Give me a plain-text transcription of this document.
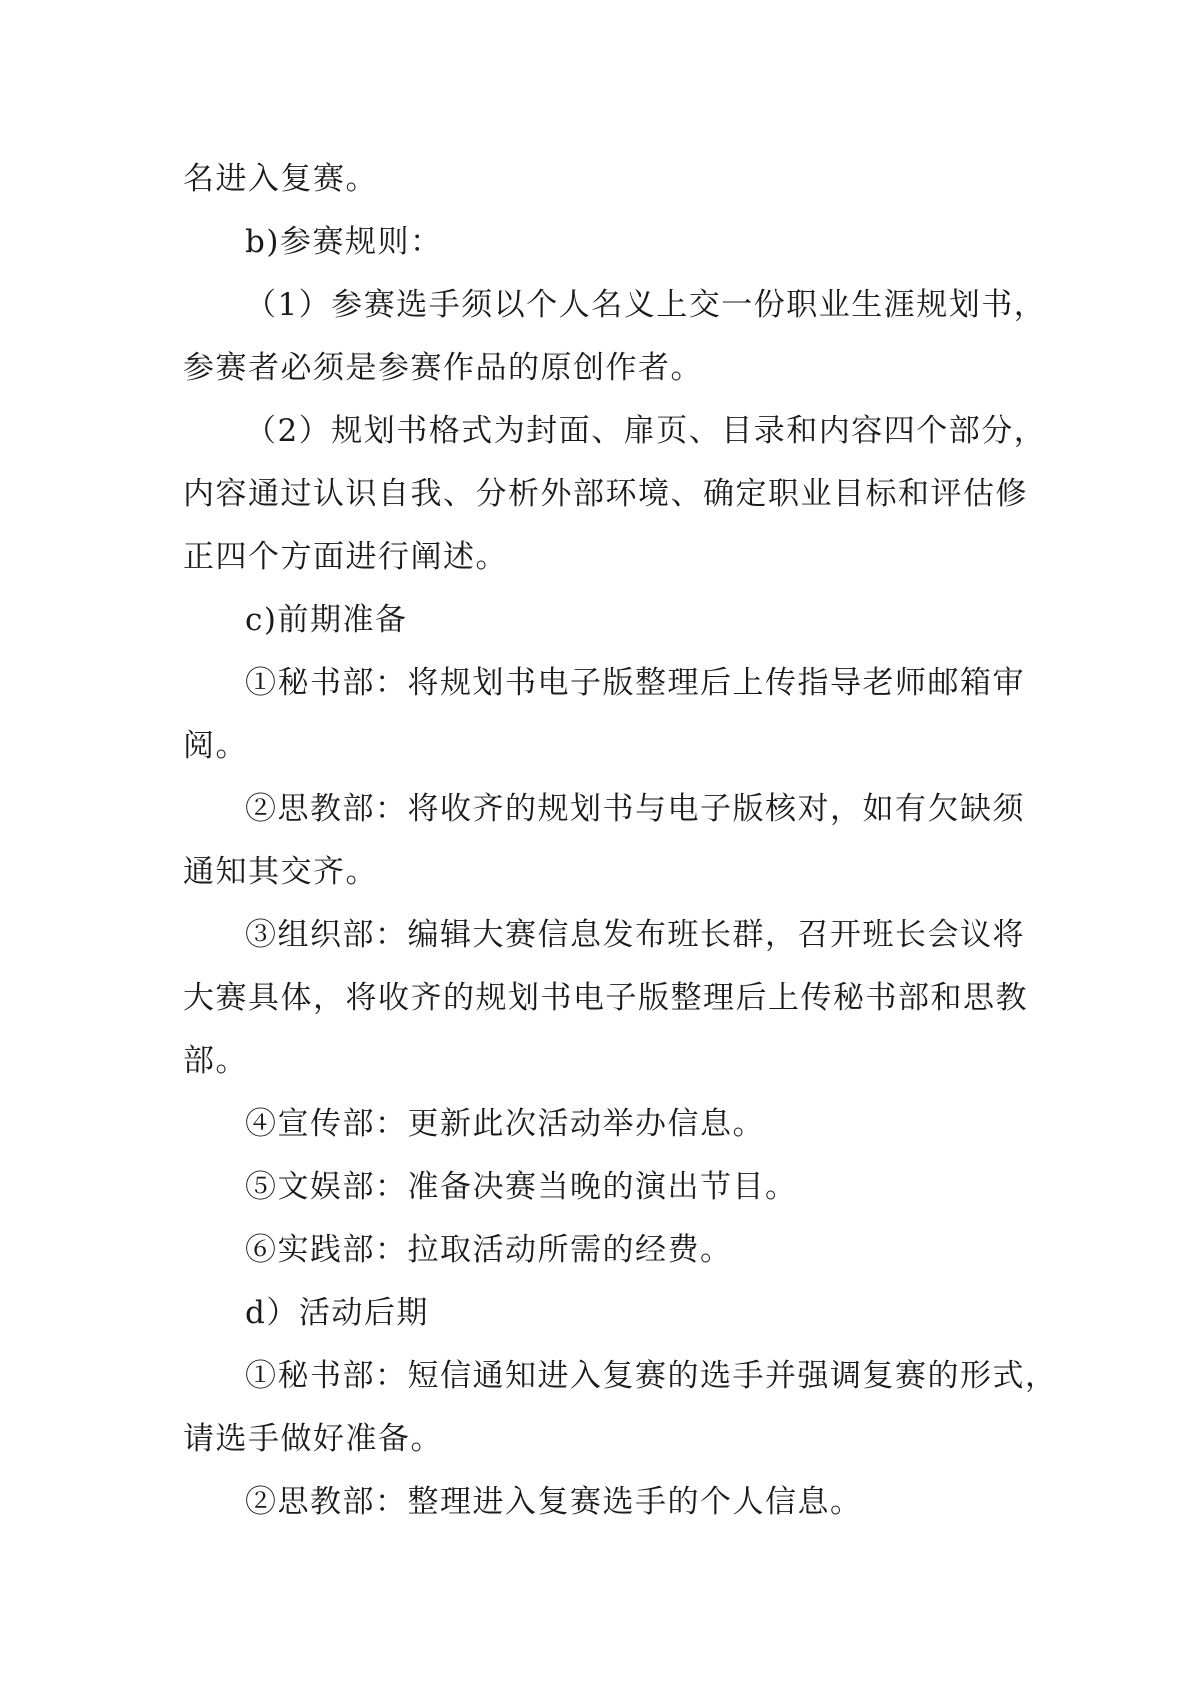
名进入复赛。
b)参赛规则：
（1）参赛选手须以个人名义上交一份职业生涯规划书，
参赛者必须是参赛作品的原创作者。
（2）规划书格式为封面、扉页、目录和内容四个部分，
内容通过认识自我、分析外部环境、确定职业目标和评估修
正四个方面进行阐述。
c)前期准备
①秘书部：将规划书电子版整理后上传指导老师邮箱审
阅。
②思教部：将收齐的规划书与电子版核对，如有欠缺须
通知其交齐。
③组织部：编辑大赛信息发布班长群，召开班长会议将
大赛具体，将收齐的规划书电子版整理后上传秘书部和思教
部。
④宣传部：更新此次活动举办信息。
⑤文娱部：准备决赛当晚的演出节目。
⑥实践部：拉取活动所需的经费。
d）活动后期
①秘书部：短信通知进入复赛的选手并强调复赛的形式，
请选手做好准备。
②思教部：整理进入复赛选手的个人信息。
